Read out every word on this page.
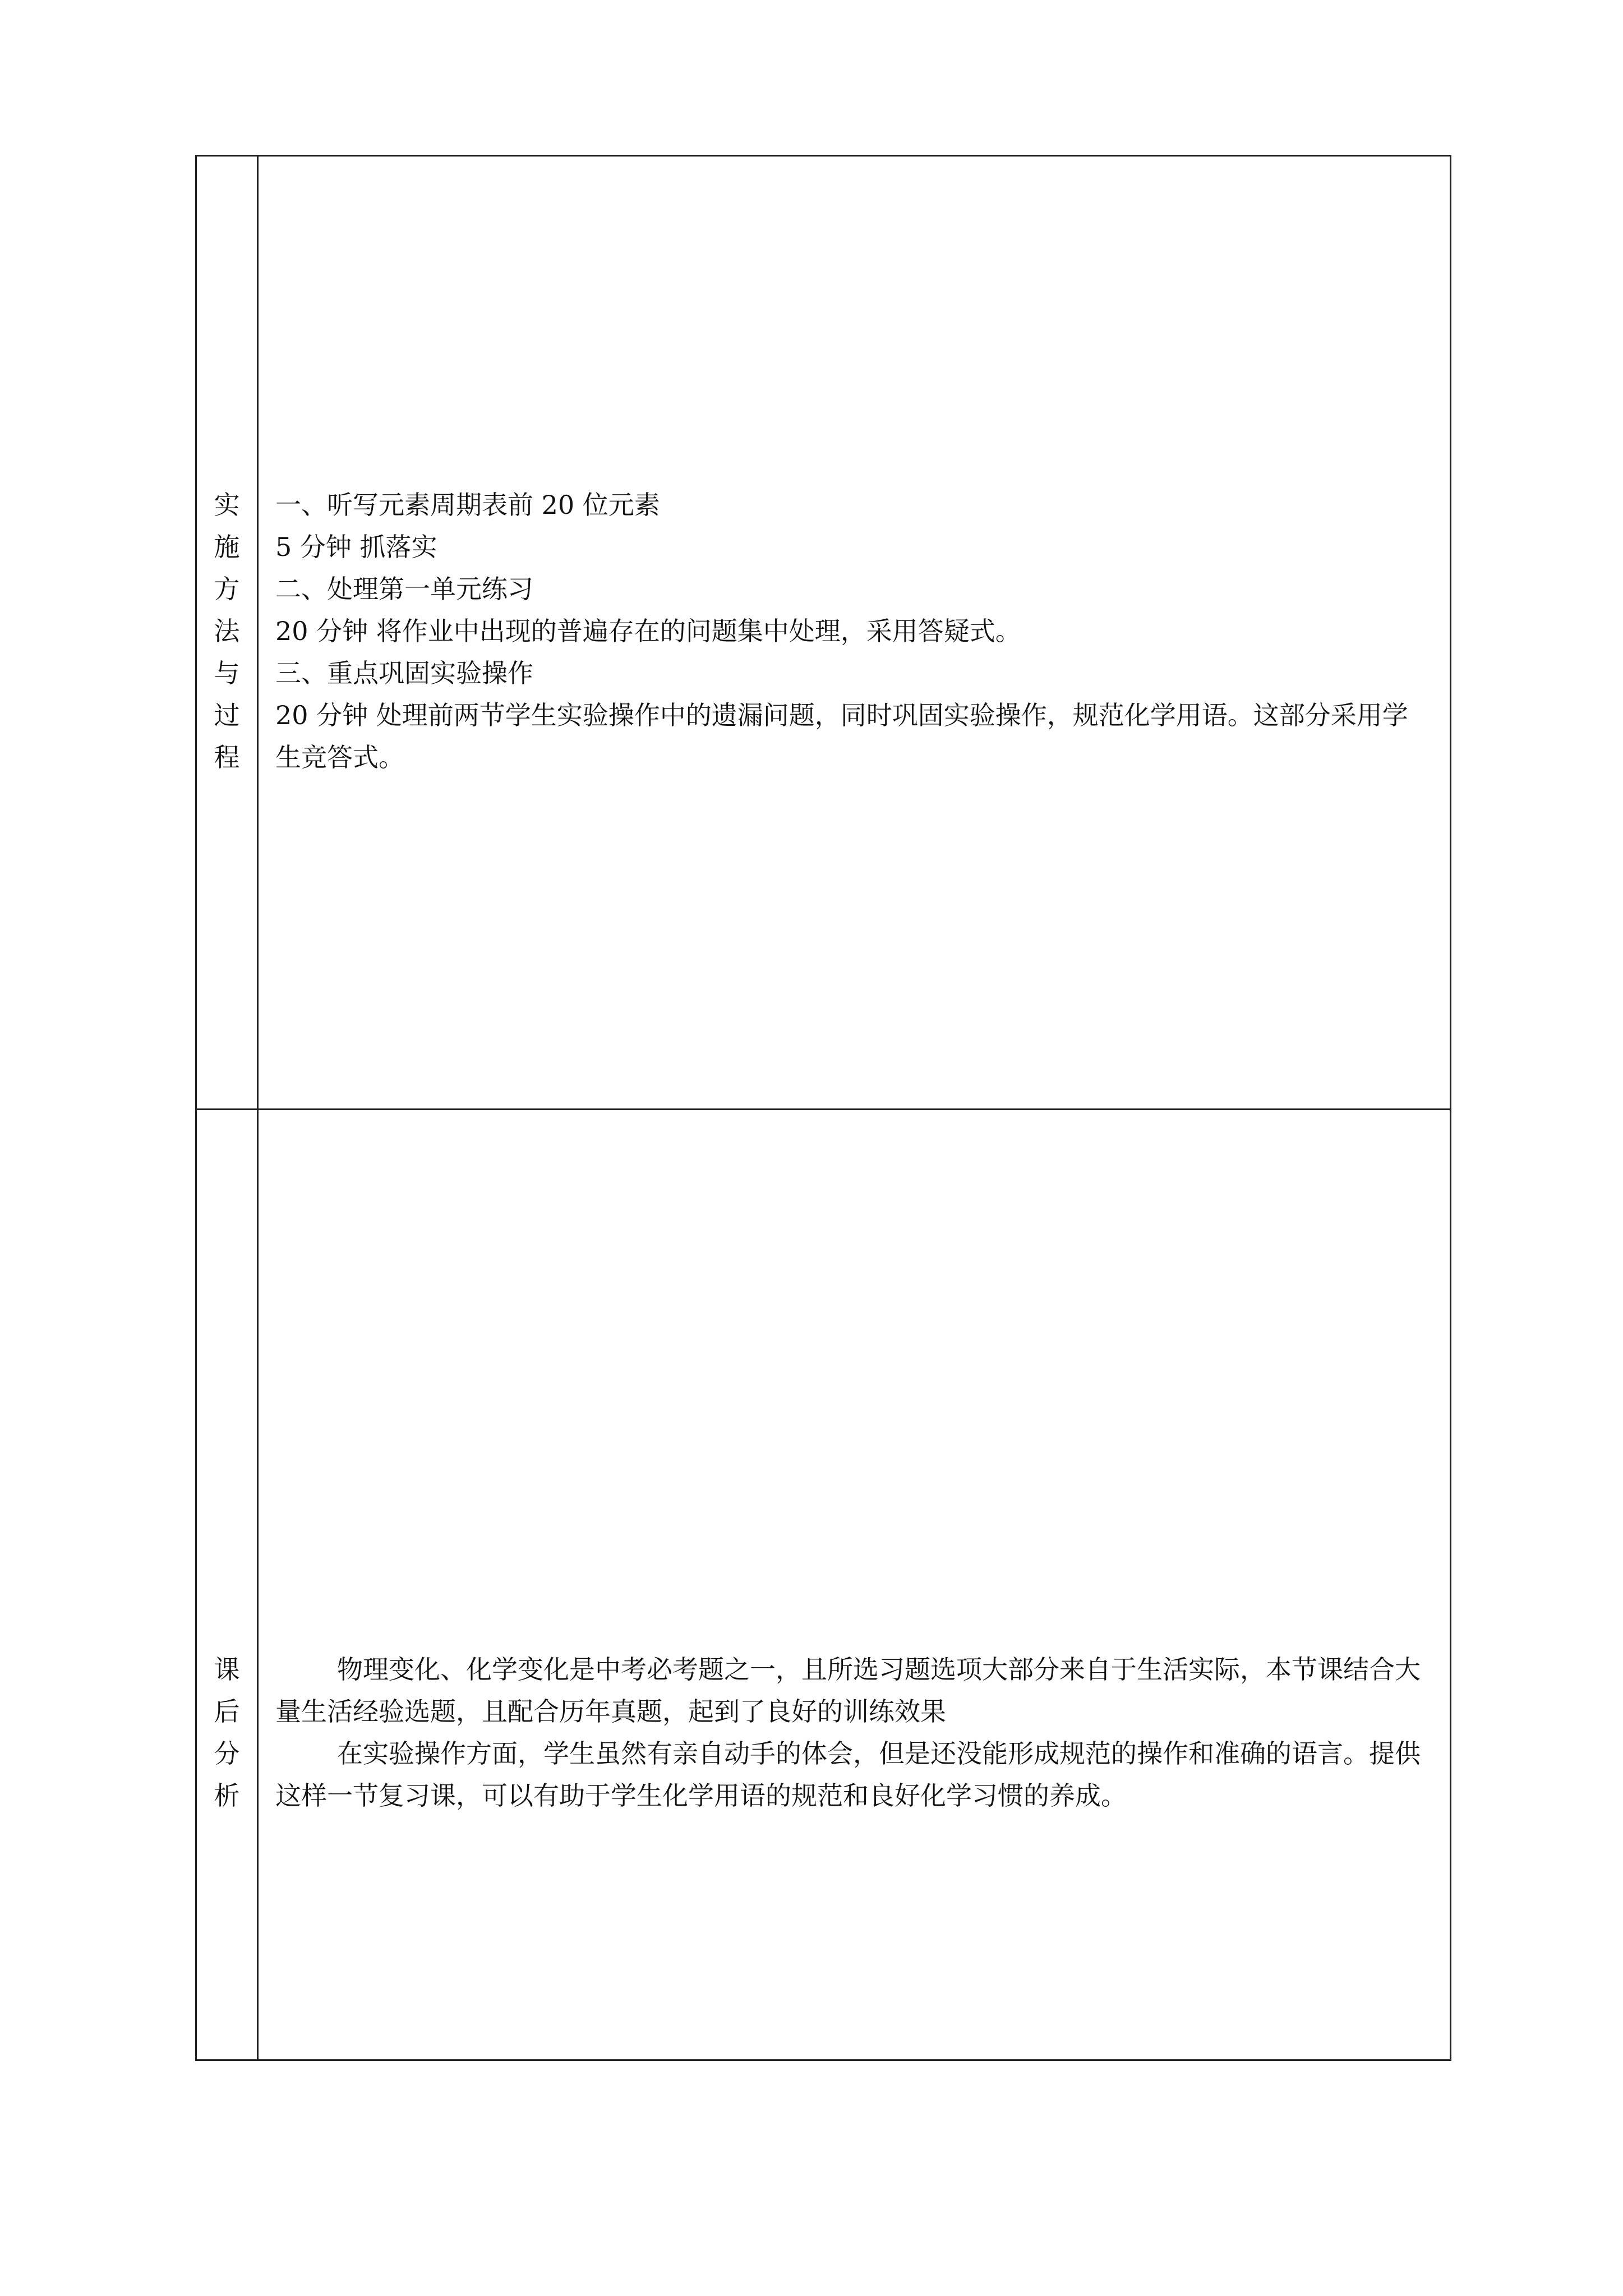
实
施
方
法
与
过
程
一、听写元素周期表前 20 位元素
5 分钟 抓落实
二、处理第一单元练习
20 分钟 将作业中出现的普遍存在的问题集中处理，采用答疑式。
三、重点巩固实验操作
20 分钟 处理前两节学生实验操作中的遗漏问题，同时巩固实验操作，规范化学用语。这部分采用学生竞答式。
课
后
分
析
物理变化、化学变化是中考必考题之一，且所选习题选项大部分来自于生活实际，本节课结合大量生活经验选题，且配合历年真题，起到了良好的训练效果
在实验操作方面，学生虽然有亲自动手的体会，但是还没能形成规范的操作和准确的语言。提供这样一节复习课，可以有助于学生化学用语的规范和良好化学习惯的养成。
